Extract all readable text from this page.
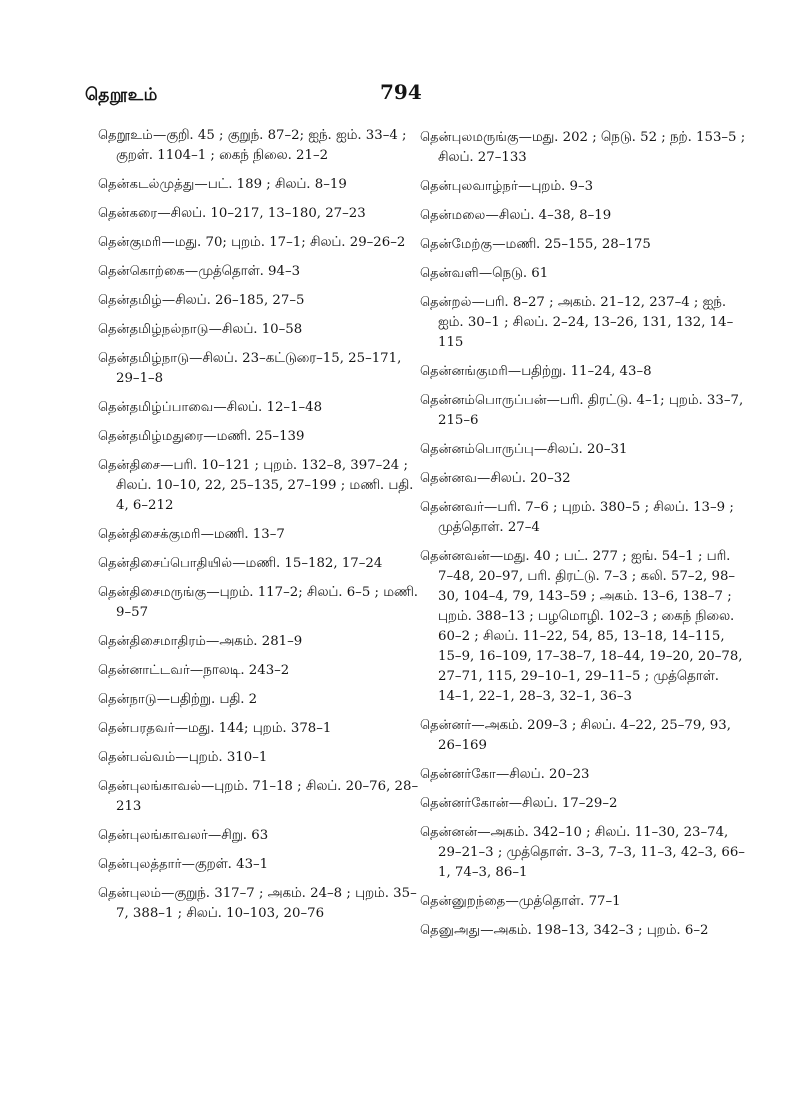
தெறூஉம்	794
தெறூஉம்—குறி. 45 ; குறுந். 87–2; ஐந். ஐம். 33–4 ; குறள். 1104–1 ; கைந் நிலை. 21–2
தென்கடல்முத்து—பட். 189 ; சிலப். 8–19
தென்கரை—சிலப். 10–217, 13–180, 27–23
தென்குமரி—மது. 70; புறம். 17–1; சிலப். 29–26–2
தென்கொற்கை—முத்தொள். 94–3
தென்தமிழ்—சிலப். 26–185, 27–5
தென்தமிழ்நல்நாடு—சிலப். 10–58
தென்தமிழ்நாடு—சிலப். 23–கட்டுரை–15, 25–171, 29–1–8
தென்தமிழ்ப்பாவை—சிலப். 12–1–48
தென்தமிழ்மதுரை—மணி. 25–139
தென்திசை—பரி. 10–121 ; புறம். 132–8, 397–24 ; சிலப். 10–10, 22, 25–135, 27–199 ; மணி. பதி. 4, 6–212
தென்திசைக்குமரி—மணி. 13–7
தென்திசைப்பொதியில்—மணி. 15–182, 17–24
தென்திசைமருங்கு—புறம். 117–2; சிலப். 6–5 ; மணி. 9–57
தென்திசைமாதிரம்—அகம். 281–9
தென்னாட்டவர்—நாலடி. 243–2
தென்நாடு—பதிற்று. பதி. 2
தென்பரதவர்—மது. 144; புறம். 378–1
தென்பவ்வம்—புறம். 310–1
தென்புலங்காவல்—புறம். 71–18 ; சிலப். 20–76, 28–213
தென்புலங்காவலர்—சிறு. 63
தென்புலத்தார்—குறள். 43–1
தென்புலம்—குறுந். 317–7 ; அகம். 24–8 ; புறம். 35–7, 388–1 ; சிலப். 10–103, 20–76
தென்புலமருங்கு—மது. 202 ; நெடு. 52 ; நற். 153–5 ; சிலப். 27–133
தென்புலவாழ்நர்—புறம். 9–3
தென்மலை—சிலப். 4–38, 8–19
தென்மேற்கு—மணி. 25–155, 28–175
தென்வளி—நெடு. 61
தென்றல்—பரி. 8–27 ; அகம். 21–12, 237–4 ; ஐந். ஐம். 30–1 ; சிலப். 2–24, 13–26, 131, 132, 14–115
தென்னங்குமரி—பதிற்று. 11–24, 43–8
தென்னம்பொருப்பன்—பரி. திரட்டு. 4–1; புறம். 33–7, 215–6
தென்னம்பொருப்பு—சிலப். 20–31
தென்னவ—சிலப். 20–32
தென்னவர்—பரி. 7–6 ; புறம். 380–5 ; சிலப். 13–9 ; முத்தொள். 27–4
தென்னவன்—மது. 40 ; பட். 277 ; ஐங். 54–1 ; பரி. 7–48, 20–97, பரி. திரட்டு. 7–3 ; கலி. 57–2, 98–30, 104–4, 79, 143–59 ; அகம். 13–6, 138–7 ; புறம். 388–13 ; பழமொழி. 102–3 ; கைந் நிலை. 60–2 ; சிலப். 11–22, 54, 85, 13–18, 14–115, 15–9, 16–109, 17–38–7, 18–44, 19–20, 20–78, 27–71, 115, 29–10–1, 29–11–5 ; முத்தொள். 14–1, 22–1, 28–3, 32–1, 36–3
தென்னர்—அகம். 209–3 ; சிலப். 4–22, 25–79, 93, 26–169
தென்னர்கோ—சிலப். 20–23
தென்னர்கோன்—சிலப். 17–29–2
தென்னன்—அகம். 342–10 ; சிலப். 11–30, 23–74, 29–21–3 ; முத்தொள். 3–3, 7–3, 11–3, 42–3, 66–1, 74–3, 86–1
தென்னுறந்தை—முத்தொள். 77–1
தெனுஅது—அகம். 198–13, 342–3 ; புறம். 6–2
